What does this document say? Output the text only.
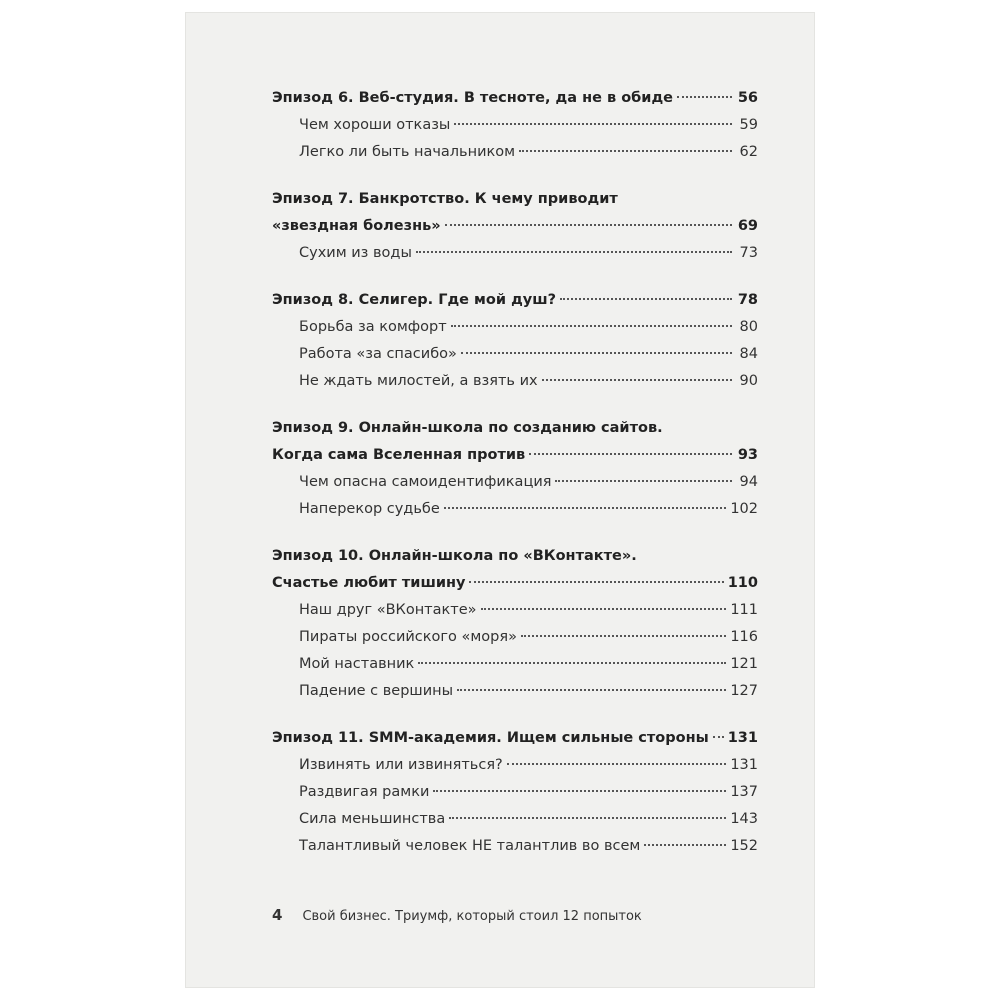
Эпизод 6. Веб-студия. В тесноте, да не в обиде	56
Чем хороши отказы	59
Легко ли быть начальником	62
Эпизод 7. Банкротство. К чему приводит
«звездная болезнь»	69
Сухим из воды	73
Эпизод 8. Селигер. Где мой душ?	78
Борьба за комфорт	80
Работа «за спасибо»	84
Не ждать милостей, а взять их	90
Эпизод 9. Онлайн-школа по созданию сайтов.
Когда сама Вселенная против	93
Чем опасна самоидентификация	94
Наперекор судьбе	102
Эпизод 10. Онлайн-школа по «ВКонтакте».
Счастье любит тишину	110
Наш друг «ВКонтакте»	111
Пираты российского «моря»	116
Мой наставник	121
Падение с вершины	127
Эпизод 11. SMM-академия. Ищем сильные стороны 131
Извинять или извиняться?	131
Раздвигая рамки	137
Сила меньшинства	143
Талантливый человек НЕ талантлив во всем	152
4 Свой бизнес. Триумф, который стоил 12 попыток
